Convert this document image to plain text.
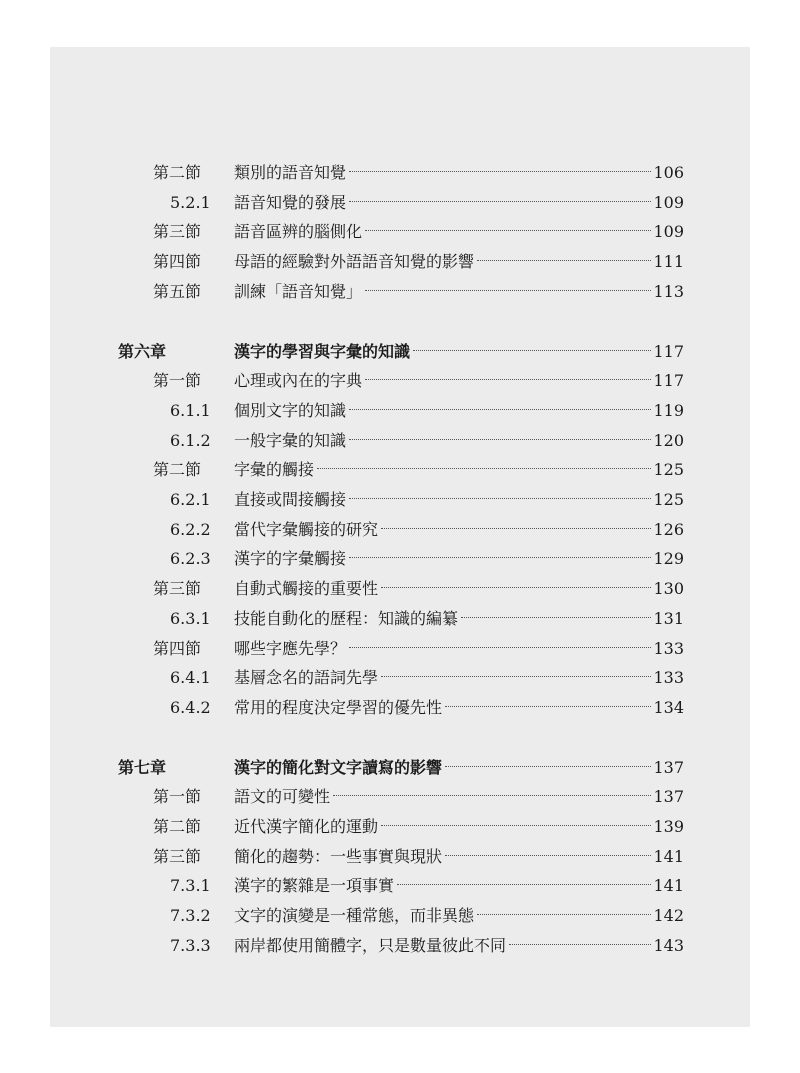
第二節 類別的語音知覺	106
5.2.1 語音知覺的發展	109
第三節 語音區辨的腦側化	109
第四節 母語的經驗對外語語音知覺的影響	111
第五節 訓練「語音知覺」	113
第六章	漢字的學習與字彙的知識	117
第一節 心理或內在的字典	117
6.1.1 個別文字的知識	119
6.1.2 一般字彙的知識	120
第二節 字彙的觸接	125
6.2.1 直接或間接觸接	125
6.2.2 當代字彙觸接的研究	126
6.2.3 漢字的字彙觸接	129
第三節 自動式觸接的重要性	130
6.3.1 技能自動化的歷程：知識的編纂	131
第四節 哪些字應先學？	133
6.4.1 基層念名的語詞先學	133
6.4.2 常用的程度決定學習的優先性	134
第七章	漢字的簡化對文字讀寫的影響	137
第一節 語文的可變性	137
第二節 近代漢字簡化的運動	139
第三節 簡化的趨勢：一些事實與現狀	141
7.3.1 漢字的繁雜是一項事實	141
7.3.2 文字的演變是一種常態，而非異態	142
7.3.3 兩岸都使用簡體字，只是數量彼此不同	143
